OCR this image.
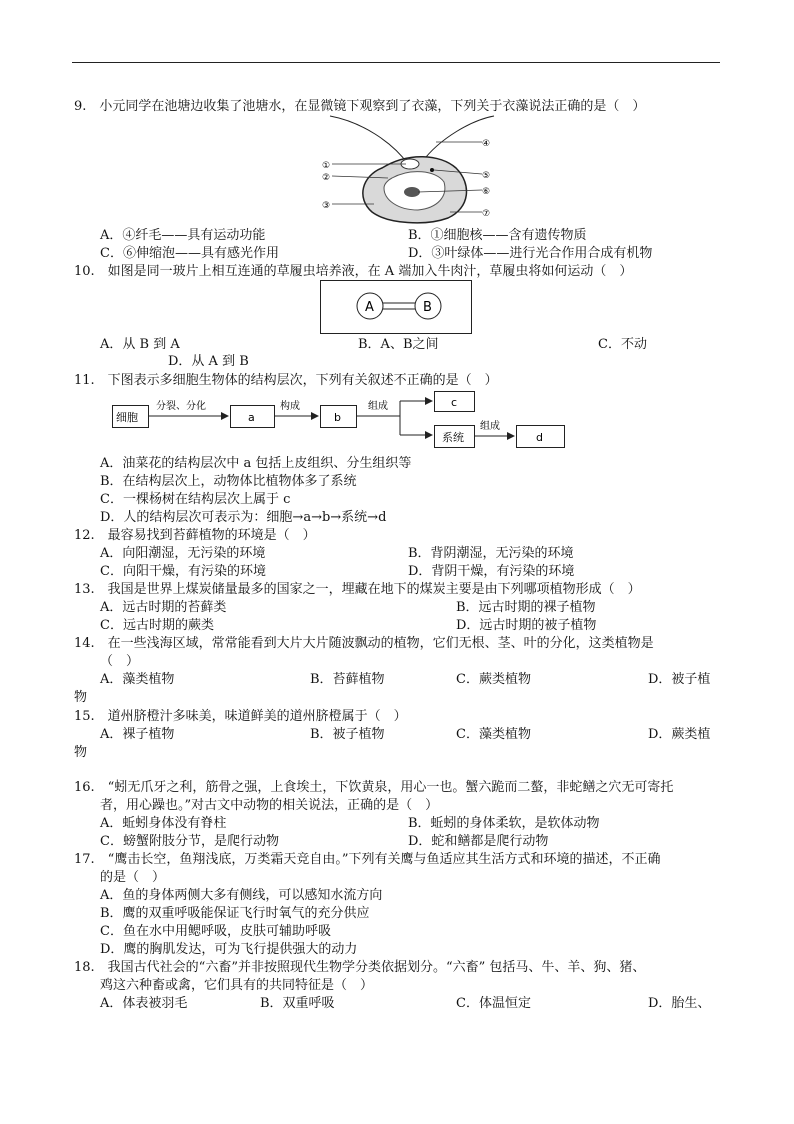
9.　小元同学在池塘边收集了池塘水，在显微镜下观察到了衣藻，下列关于衣藻说法正确的是（　）
①
②
③
④
⑤
⑥
⑦
A．④纤毛——具有运动功能	B．①细胞核——含有遗传物质
C．⑥伸缩泡——具有感光作用	D．③叶绿体——进行光合作用合成有机物
10.　如图是同一玻片上相互连通的草履虫培养液，在 A 端加入牛肉汁，草履虫将如何运动（　）
A	B
A．从 B 到 A	B．A、B之间	C．不动
D．从 A 到 B
11.　下图表示多细胞生物体的结构层次，下列有关叙述不正确的是（　）
细胞
分裂、分化
a
构成
b
组成	c
系统
组成
d
A．油菜花的结构层次中 a 包括上皮组织、分生组织等
B．在结构层次上，动物体比植物体多了系统
C．一棵杨树在结构层次上属于 c
D．人的结构层次可表示为：细胞→a→b→系统→d
12.　最容易找到苔藓植物的环境是（　）
A．向阳潮湿，无污染的环境	B．背阴潮湿，无污染的环境
C．向阳干燥，有污染的环境	D．背阴干燥，有污染的环境
13.　我国是世界上煤炭储量最多的国家之一，埋藏在地下的煤炭主要是由下列哪项植物形成（　）
A．远古时期的苔藓类	B．远古时期的裸子植物
C．远古时期的蕨类	D．远古时期的被子植物
14.　在一些浅海区域，常常能看到大片大片随波飘动的植物，它们无根、茎、叶的分化，这类植物是
（　）
A．藻类植物	B．苔藓植物	C．蕨类植物	D．被子植
物
15.　道州脐橙汁多味美，味道鲜美的道州脐橙属于（　）
A．裸子植物	B．被子植物	C．藻类植物	D．蕨类植
物
16.　“蚓无爪牙之利，筋骨之强，上食埃土，下饮黄泉，用心一也。蟹六跪而二螯，非蛇鳝之穴无可寄托
者，用心躁也。”对古文中动物的相关说法，正确的是（　）
A．蚯蚓身体没有脊柱	B．蚯蚓的身体柔软，是软体动物
C．螃蟹附肢分节，是爬行动物	D．蛇和鳝都是爬行动物
17.　“鹰击长空，鱼翔浅底，万类霜天竞自由。”下列有关鹰与鱼适应其生活方式和环境的描述，不正确
的是（　）
A．鱼的身体两侧大多有侧线，可以感知水流方向
B．鹰的双重呼吸能保证飞行时氧气的充分供应
C．鱼在水中用鳃呼吸，皮肤可辅助呼吸
D．鹰的胸肌发达，可为飞行提供强大的动力
18.　我国古代社会的“六畜”并非按照现代生物学分类依据划分。“六畜” 包括马、牛、羊、狗、猪、
鸡这六种畜或禽，它们具有的共同特征是（　）
A．体表被羽毛	B．双重呼吸	C．体温恒定	D．胎生、
